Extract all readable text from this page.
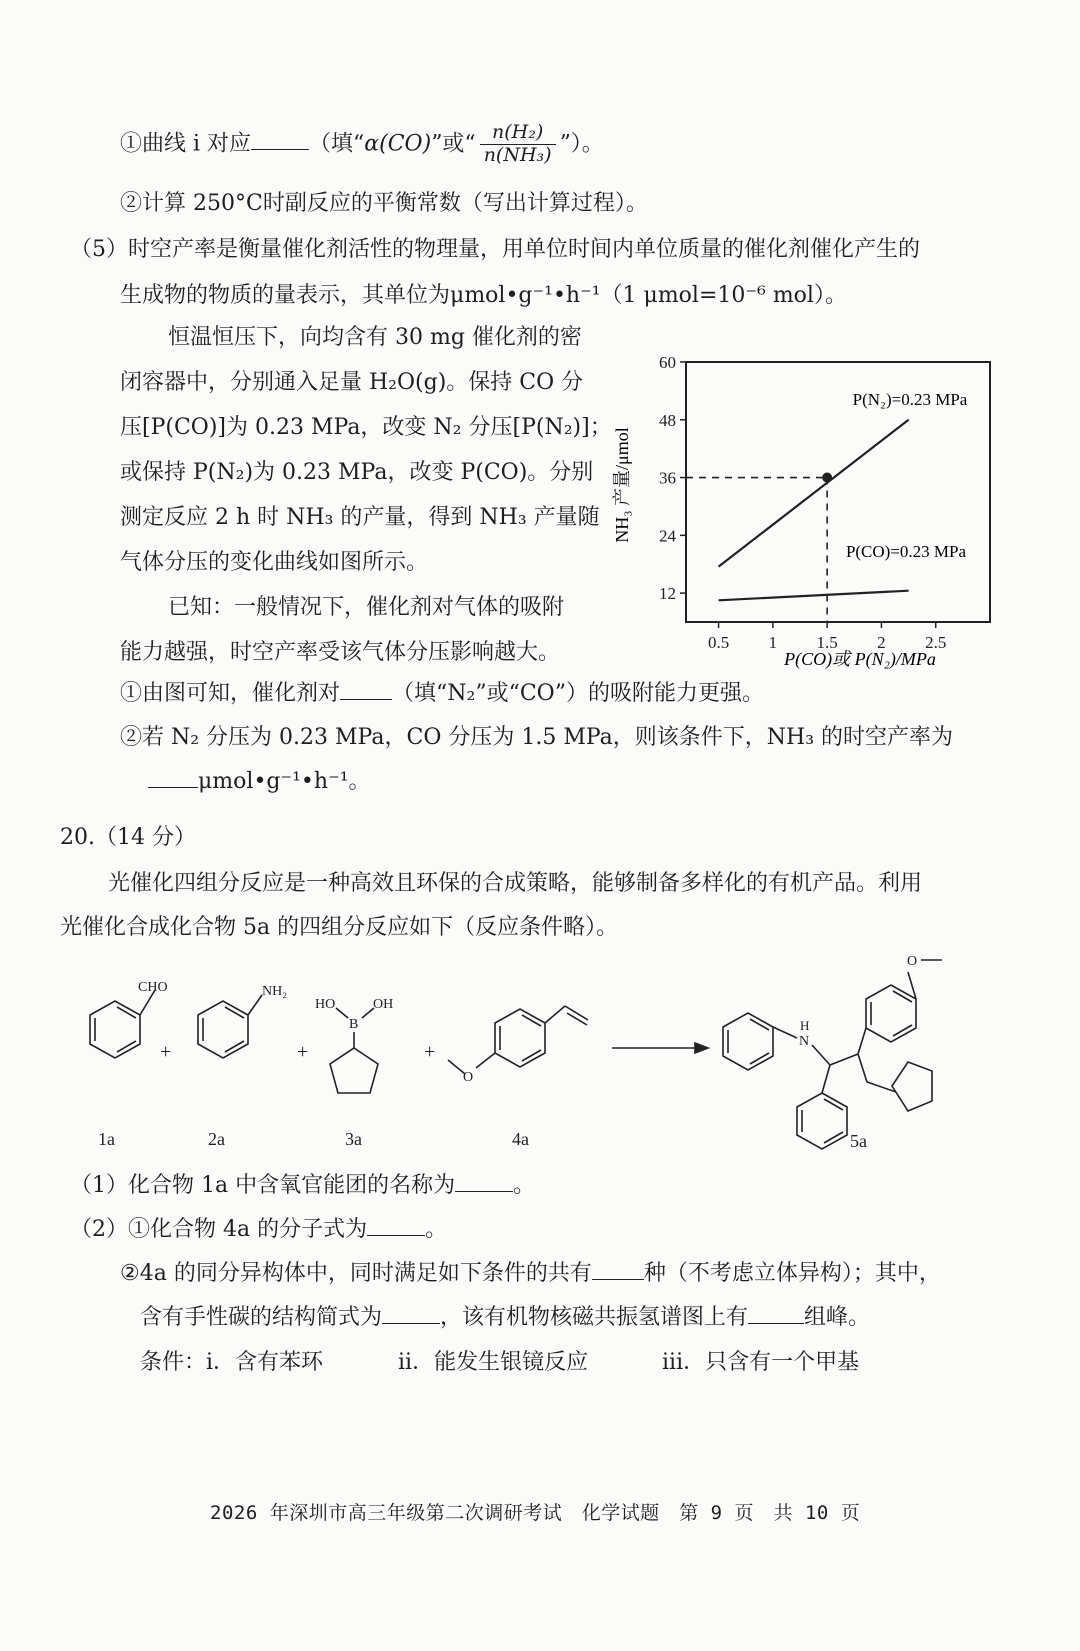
①曲线 i 对应	（填“α(CO)”或“ $\frac{\text{n(H₂)}}{\text{n(NH₃)}}$ ”）。
②计算 250°C时副反应的平衡常数（写出计算过程）。
（5）时空产率是衡量催化剂活性的物理量，用单位时间内单位质量的催化剂催化产生的
生成物的物质的量表示，其单位为μmol•g⁻¹•h⁻¹（1 μmol=10⁻⁶ mol）。
恒温恒压下，向均含有 30 mg 催化剂的密
闭容器中，分别通入足量 H₂O(g)。保持 CO 分
压[P(CO)]为 0.23 MPa，改变 N₂ 分压[P(N₂)]；
或保持 P(N₂)为 0.23 MPa，改变 P(CO)。分别
测定反应 2 h 时 NH₃ 的产量，得到 NH₃ 产量随
气体分压的变化曲线如图所示。
已知：一般情况下，催化剂对气体的吸附
能力越强，时空产率受该气体分压影响越大。
12
24
36
48
60
0.5 1 1.5 2 2.5
NH₃ 产量/μmol
P(CO)或 P(N₂)/MPa
P(N₂)=0.23 MPa
P(CO)=0.23 MPa
①由图可知，催化剂对 （填“N₂”或“CO”）的吸附能力更强。
②若 N₂ 分压为 0.23 MPa，CO 分压为 1.5 MPa，则该条件下，NH₃ 的时空产率为
μmol•g⁻¹•h⁻¹。
20.（14 分）
光催化四组分反应是一种高效且环保的合成策略，能够制备多样化的有机产品。利用
光催化合成化合物 5a 的四组分反应如下（反应条件略）。
CHO
1a
+
NH₂
2a
+
HO	OH
B
3a
+
O
4a
H
N
O
5a
（1）化合物 1a 中含氧官能团的名称为	。
（2）①化合物 4a 的分子式为	。
②4a 的同分异构体中，同时满足如下条件的共有 种（不考虑立体异构）；其中，
含有手性碳的结构简式为	，该有机物核磁共振氢谱图上有	组峰。
条件：i．含有苯环	ii．能发生银镜反应	iii．只含有一个甲基
2026 年深圳市高三年级第二次调研考试　化学试题　第 9 页　共 10 页
